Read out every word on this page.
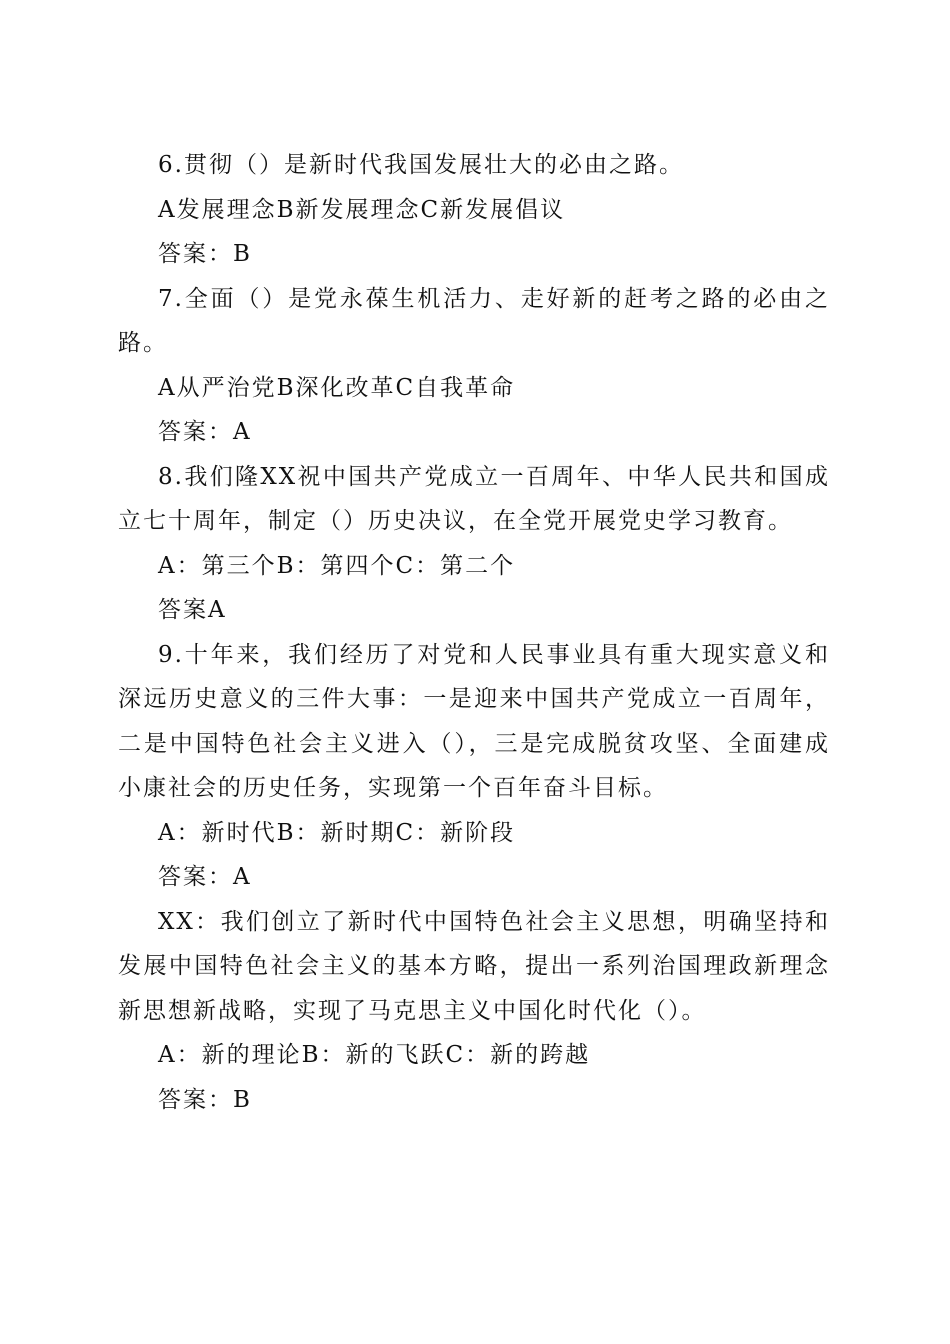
6.贯彻（）是新时代我国发展壮大的必由之路。

A发展理念B新发展理念C新发展倡议

答案：B

7.全面（）是党永葆生机活力、走好新的赶考之路的必由之路。

A从严治党B深化改革C自我革命

答案：A

8.我们隆XX祝中国共产党成立一百周年、中华人民共和国成立七十周年，制定（）历史决议，在全党开展党史学习教育。

A：第三个B：第四个C：第二个

答案A

9.十年来，我们经历了对党和人民事业具有重大现实意义和深远历史意义的三件大事：一是迎来中国共产党成立一百周年，二是中国特色社会主义进入（），三是完成脱贫攻坚、全面建成小康社会的历史任务，实现第一个百年奋斗目标。

A：新时代B：新时期C：新阶段

答案：A

XX：我们创立了新时代中国特色社会主义思想，明确坚持和发展中国特色社会主义的基本方略，提出一系列治国理政新理念新思想新战略，实现了马克思主义中国化时代化（）。

A：新的理论B：新的飞跃C：新的跨越

答案：B
